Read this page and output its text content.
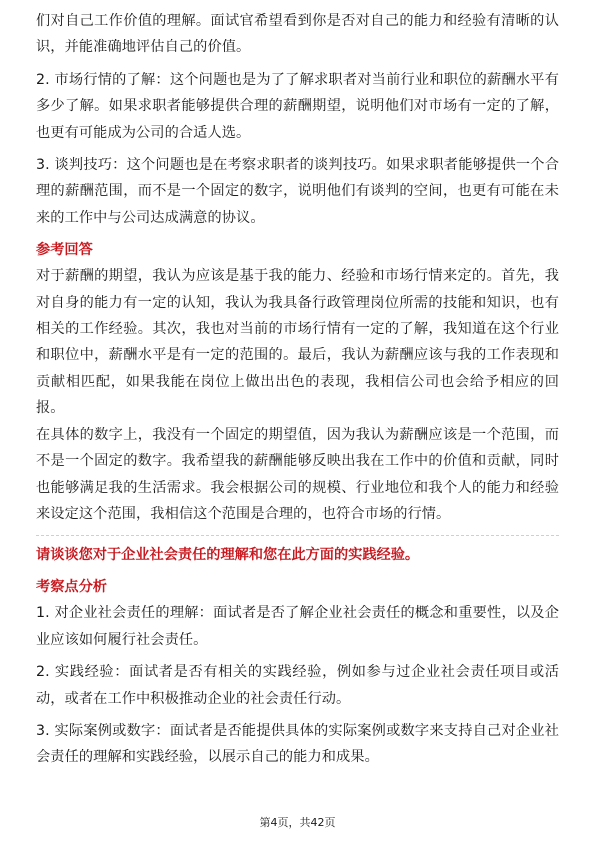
们对自己工作价值的理解。面试官希望看到你是否对自己的能力和经验有清晰的认识，并能准确地评估自己的价值。

2. 市场行情的了解：这个问题也是为了了解求职者对当前行业和职位的薪酬水平有多少了解。如果求职者能够提供合理的薪酬期望，说明他们对市场有一定的了解，也更有可能成为公司的合适人选。

3. 谈判技巧：这个问题也是在考察求职者的谈判技巧。如果求职者能够提供一个合理的薪酬范围，而不是一个固定的数字，说明他们有谈判的空间，也更有可能在未来的工作中与公司达成满意的协议。

参考回答

对于薪酬的期望，我认为应该是基于我的能力、经验和市场行情来定的。首先，我对自身的能力有一定的认知，我认为我具备行政管理岗位所需的技能和知识，也有相关的工作经验。其次，我也对当前的市场行情有一定的了解，我知道在这个行业和职位中，薪酬水平是有一定的范围的。最后，我认为薪酬应该与我的工作表现和贡献相匹配，如果我能在岗位上做出出色的表现，我相信公司也会给予相应的回报。

在具体的数字上，我没有一个固定的期望值，因为我认为薪酬应该是一个范围，而不是一个固定的数字。我希望我的薪酬能够反映出我在工作中的价值和贡献，同时也能够满足我的生活需求。我会根据公司的规模、行业地位和我个人的能力和经验来设定这个范围，我相信这个范围是合理的，也符合市场的行情。

请谈谈您对于企业社会责任的理解和您在此方面的实践经验。

考察点分析

1. 对企业社会责任的理解：面试者是否了解企业社会责任的概念和重要性，以及企业应该如何履行社会责任。

2. 实践经验：面试者是否有相关的实践经验，例如参与过企业社会责任项目或活动，或者在工作中积极推动企业的社会责任行动。

3. 实际案例或数字：面试者是否能提供具体的实际案例或数字来支持自己对企业社会责任的理解和实践经验，以展示自己的能力和成果。

第4页，共42页
